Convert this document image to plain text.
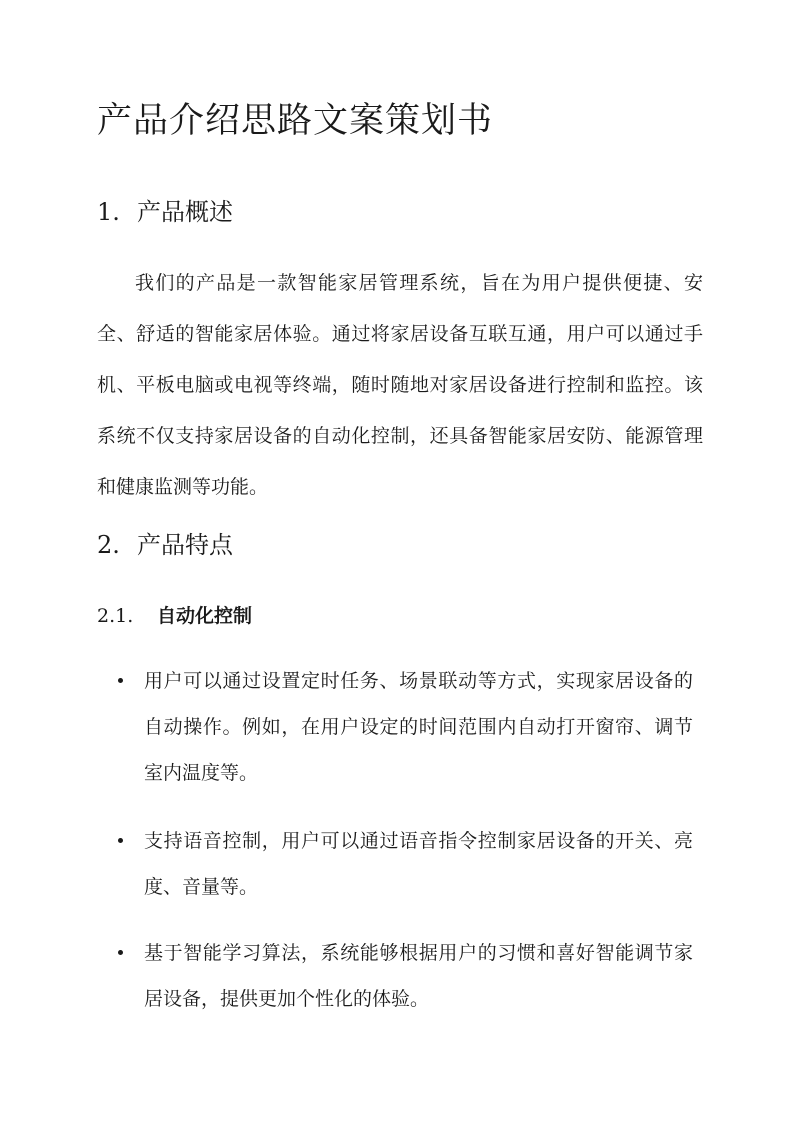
产品介绍思路文案策划书
1. 产品概述

我们的产品是一款智能家居管理系统，旨在为用户提供便捷、安全、舒适的智能家居体验。通过将家居设备互联互通，用户可以通过手机、平板电脑或电视等终端，随时随地对家居设备进行控制和监控。该系统不仅支持家居设备的自动化控制，还具备智能家居安防、能源管理和健康监测等功能。

2. 产品特点
2.1. 自动化控制
用户可以通过设置定时任务、场景联动等方式，实现家居设备的自动操作。例如，在用户设定的时间范围内自动打开窗帘、调节室内温度等。
支持语音控制，用户可以通过语音指令控制家居设备的开关、亮度、音量等。
基于智能学习算法，系统能够根据用户的习惯和喜好智能调节家居设备，提供更加个性化的体验。
